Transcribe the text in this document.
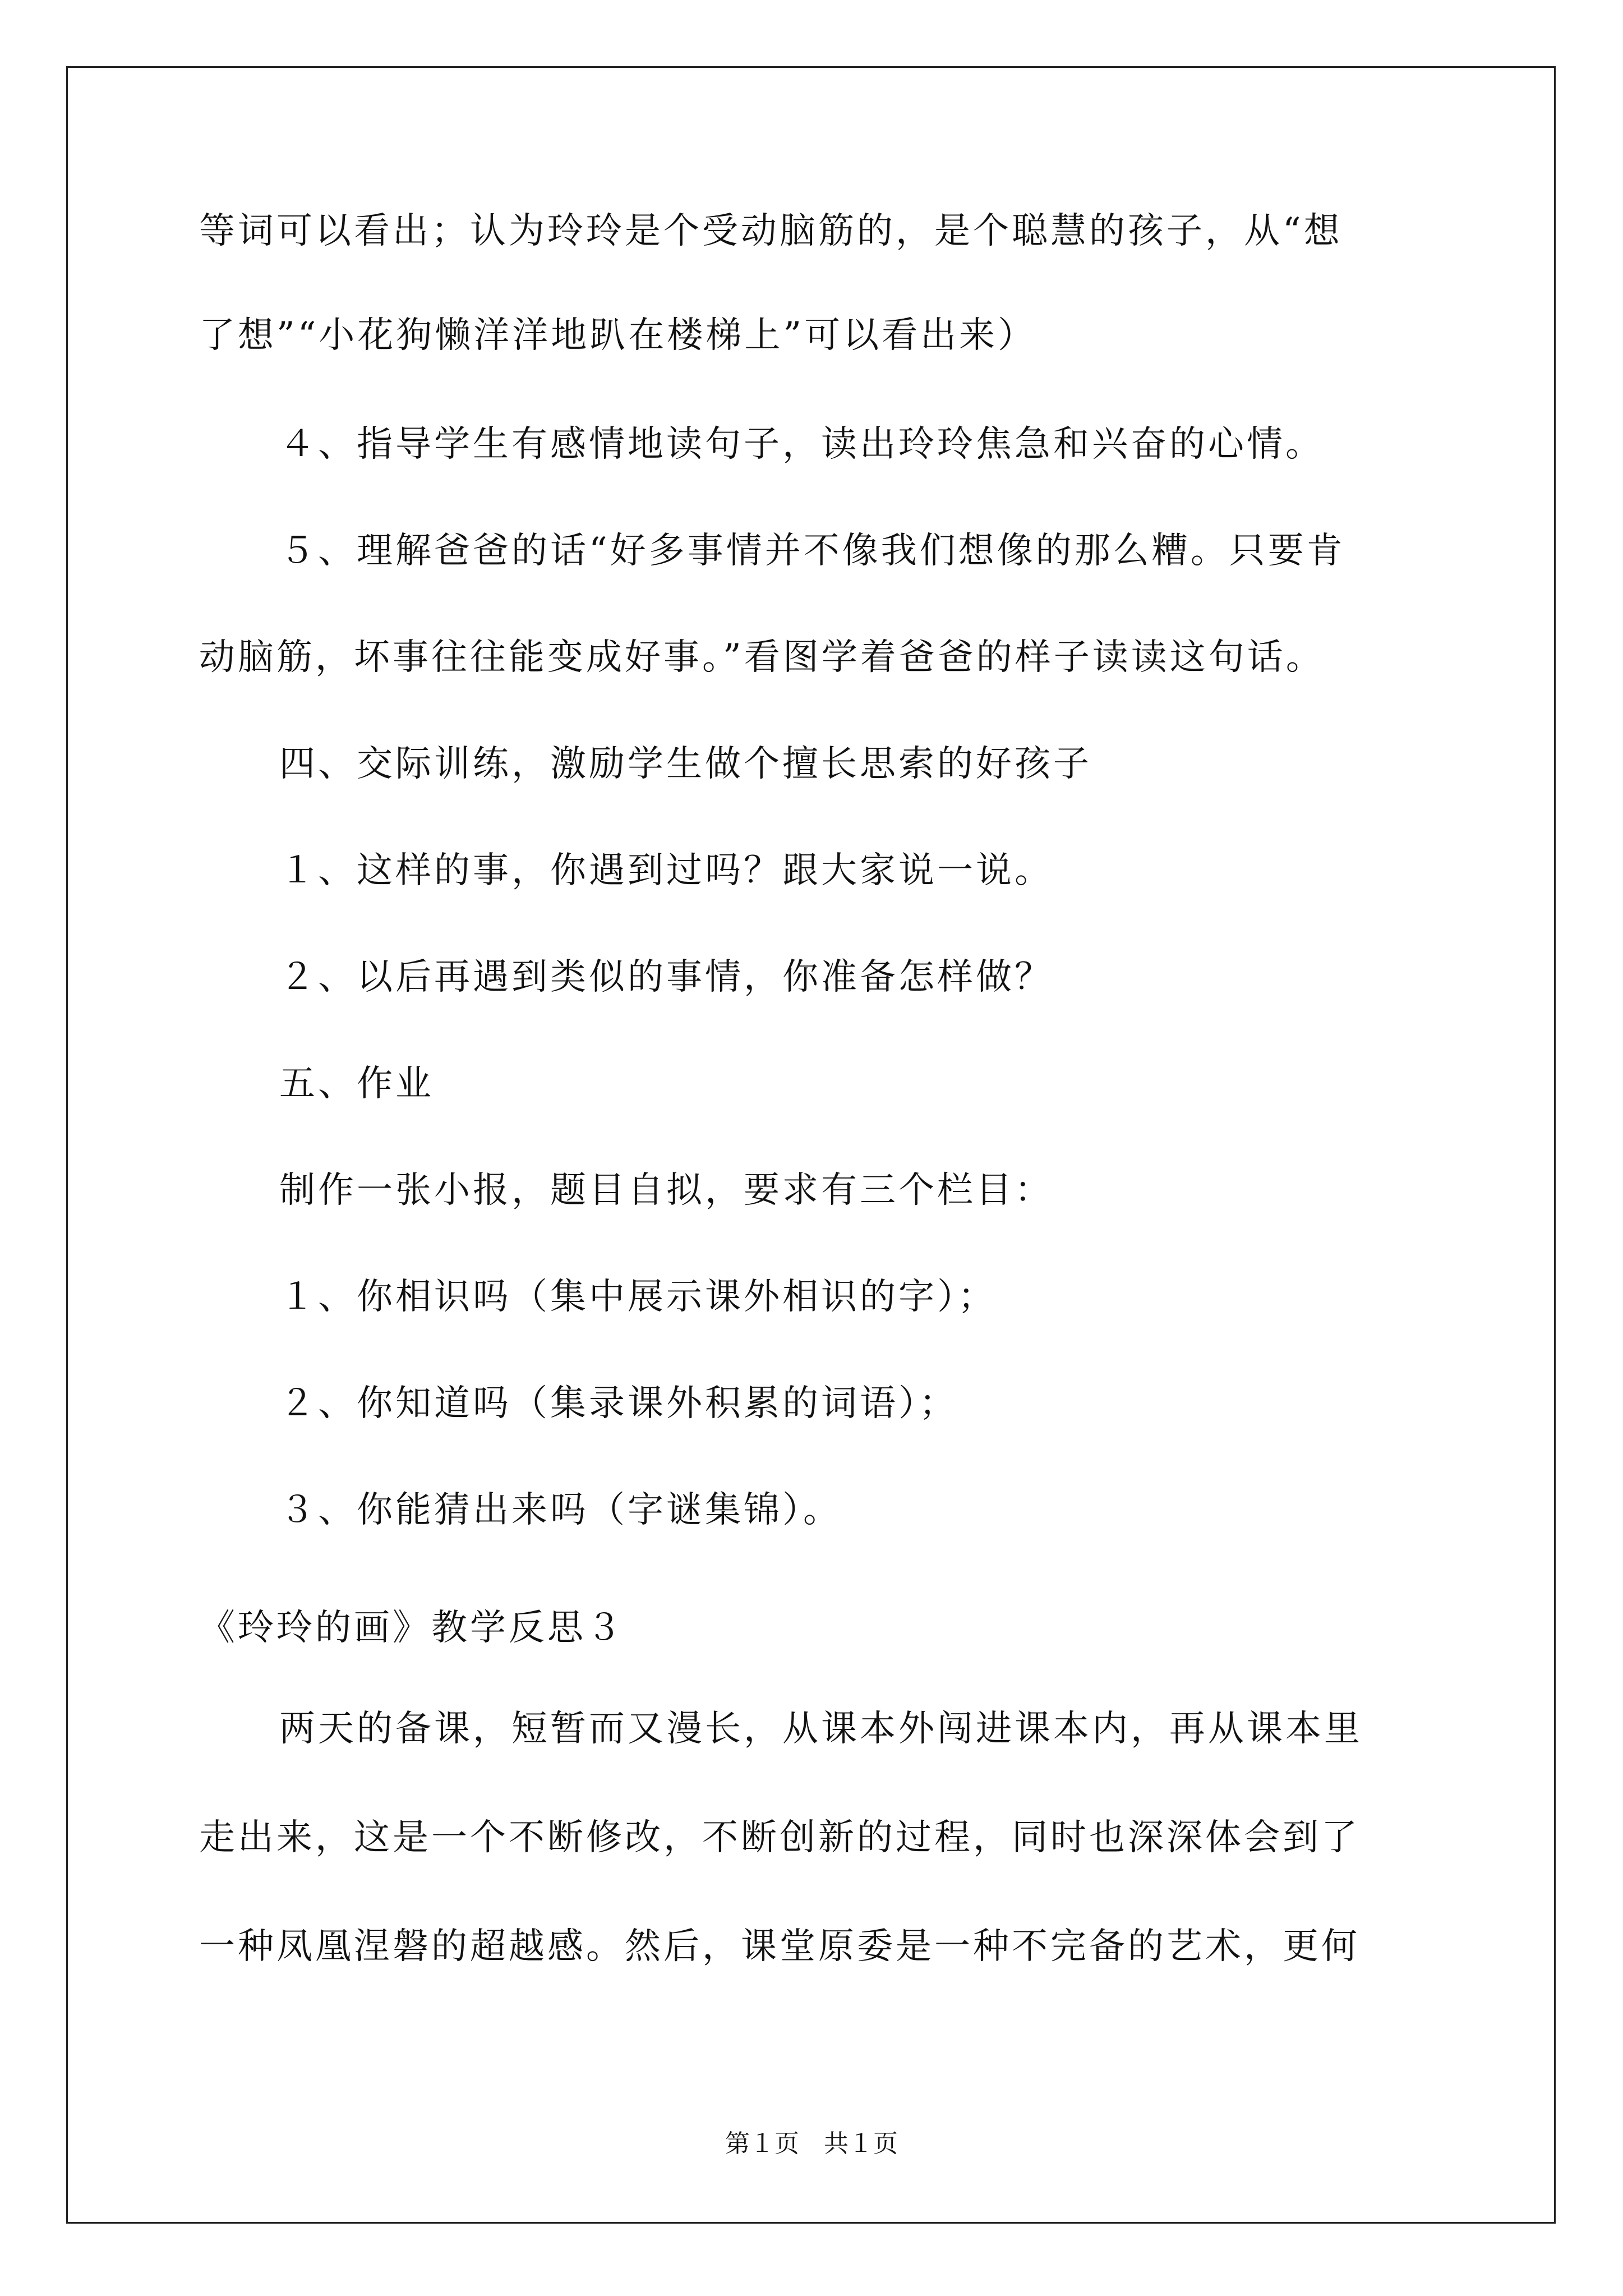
等词可以看出；认为玲玲是个受动脑筋的，是个聪慧的孩子，从“想

了想”“小花狗懒洋洋地趴在楼梯上”可以看出来）

４、指导学生有感情地读句子，读出玲玲焦急和兴奋的心情。

５、理解爸爸的话“好多事情并不像我们想像的那么糟。只要肯

动脑筋，坏事往往能变成好事。”看图学着爸爸的样子读读这句话。

四、交际训练，激励学生做个擅长思索的好孩子

１、这样的事，你遇到过吗？跟大家说一说。

２、以后再遇到类似的事情，你准备怎样做？

五、作业

制作一张小报，题目自拟，要求有三个栏目：

１、你相识吗（集中展示课外相识的字）；

２、你知道吗（集录课外积累的词语）；

３、你能猜出来吗（字谜集锦）。

《玲玲的画》教学反思３

两天的备课，短暂而又漫长，从课本外闯进课本内，再从课本里

走出来，这是一个不断修改，不断创新的过程，同时也深深体会到了

一种凤凰涅磐的超越感。然后，课堂原委是一种不完备的艺术，更何

第１页　共１页
